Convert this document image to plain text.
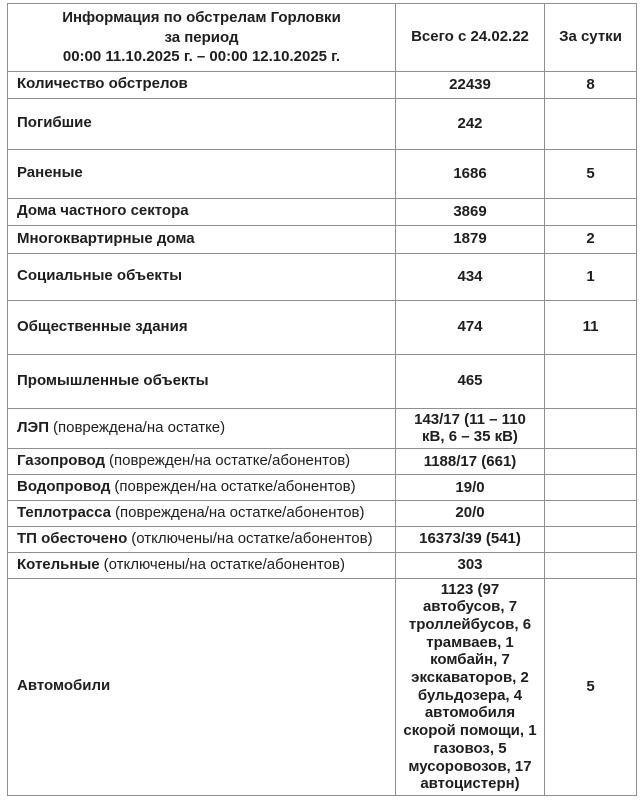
Информация по обстрелам Горловки
за период
00:00 11.10.2025 г. – 00:00 12.10.2025 г.	Всего с 24.02.22	За сутки
Количество обстрелов	22439	8
Погибшие	242	
Раненые	1686	5
Дома частного сектора	3869	
Многоквартирные дома	1879	2
Социальные объекты	434	1
Общественные здания	474	11
Промышленные объекты	465	
ЛЭП (повреждена/на остатке)	143/17 (11 – 110 кВ, 6 – 35 кВ)	
Газопровод (поврежден/на остатке/абонентов)	1188/17 (661)	
Водопровод (поврежден/на остатке/абонентов)	19/0	
Теплотрасса (повреждена/на остатке/абонентов)	20/0	
ТП обесточено (отключены/на остатке/абонентов)	16373/39 (541)	
Котельные (отключены/на остатке/абонентов)	303	
Автомобили	1123 (97 автобусов, 7 троллейбусов, 6 трамваев, 1 комбайн, 7 экскаваторов, 2 бульдозера, 4 автомобиля скорой помощи, 1 газовоз, 5 мусоровозов, 17 автоцистерн)	5
